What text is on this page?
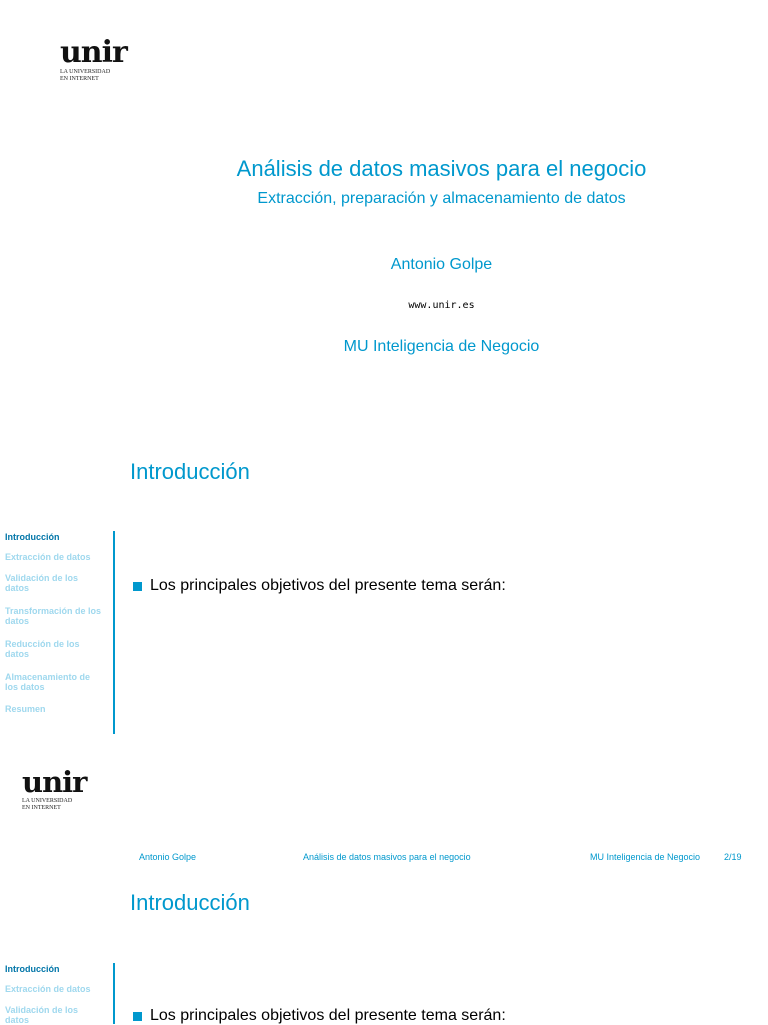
unir
LA UNIVERSIDAD
EN INTERNET
Análisis de datos masivos para el negocio
Extracción, preparación y almacenamiento de datos
Antonio Golpe
www.unir.es
MU Inteligencia de Negocio
Introducción
Introducción
Extracción de datos
Validación de los datos
Transformación de los datos
Reducción de los datos
Almacenamiento de los datos
Resumen
Los principales objetivos del presente tema serán:
unir
LA UNIVERSIDAD
EN INTERNET
Antonio Golpe	Análisis de datos masivos para el negocio	MU Inteligencia de Negocio	2/19
Introducción
Introducción
Extracción de datos
Validación de los datos	Los principales objetivos del presente tema serán:
